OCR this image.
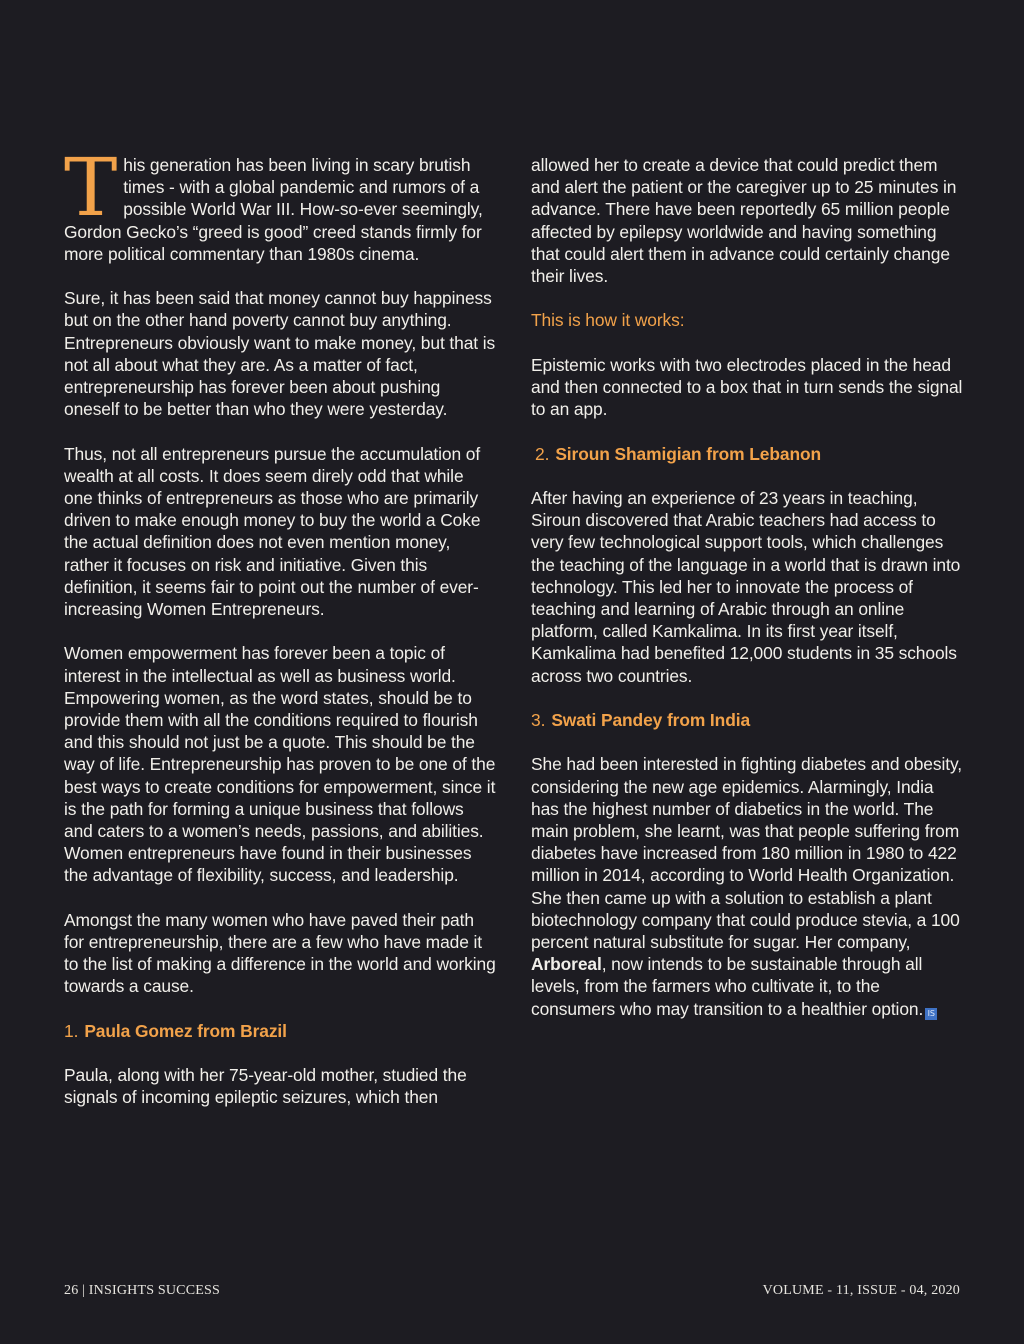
This generation has been living in scary brutish times - with a global pandemic and rumors of a possible World War III. How-so-ever seemingly, Gordon Gecko’s “greed is good” creed stands firmly for more political commentary than 1980s cinema.

Sure, it has been said that money cannot buy happiness but on the other hand poverty cannot buy anything. Entrepreneurs obviously want to make money, but that is not all about what they are. As a matter of fact, entrepreneurship has forever been about pushing oneself to be better than who they were yesterday.

Thus, not all entrepreneurs pursue the accumulation of wealth at all costs. It does seem direly odd that while one thinks of entrepreneurs as those who are primarily driven to make enough money to buy the world a Coke the actual definition does not even mention money, rather it focuses on risk and initiative. Given this definition, it seems fair to point out the number of ever-increasing Women Entrepreneurs.

Women empowerment has forever been a topic of interest in the intellectual as well as business world. Empowering women, as the word states, should be to provide them with all the conditions required to flourish and this should not just be a quote. This should be the way of life. Entrepreneurship has proven to be one of the best ways to create conditions for empowerment, since it is the path for forming a unique business that follows and caters to a women’s needs, passions, and abilities. Women entrepreneurs have found in their businesses the advantage of flexibility, success, and leadership.

Amongst the many women who have paved their path for entrepreneurship, there are a few who have made it to the list of making a difference in the world and working towards a cause.

1. Paula Gomez from Brazil

Paula, along with her 75-year-old mother, studied the signals of incoming epileptic seizures, which then

allowed her to create a device that could predict them and alert the patient or the caregiver up to 25 minutes in advance. There have been reportedly 65 million people affected by epilepsy worldwide and having something that could alert them in advance could certainly change their lives.

This is how it works:

Epistemic works with two electrodes placed in the head and then connected to a box that in turn sends the signal to an app.

2. Siroun Shamigian from Lebanon

After having an experience of 23 years in teaching, Siroun discovered that Arabic teachers had access to very few technological support tools, which challenges the teaching of the language in a world that is drawn into technology. This led her to innovate the process of teaching and learning of Arabic through an online platform, called Kamkalima. In its first year itself, Kamkalima had benefited 12,000 students in 35 schools across two countries.

3. Swati Pandey from India

She had been interested in fighting diabetes and obesity, considering the new age epidemics. Alarmingly, India has the highest number of diabetics in the world. The main problem, she learnt, was that people suffering from diabetes have increased from 180 million in 1980 to 422 million in 2014, according to World Health Organization. She then came up with a solution to establish a plant biotechnology company that could produce stevia, a 100 percent natural substitute for sugar. Her company, Arboreal, now intends to be sustainable through all levels, from the farmers who cultivate it, to the consumers who may transition to a healthier option. IS

26 | INSIGHTS SUCCESS	VOLUME - 11, ISSUE - 04, 2020
